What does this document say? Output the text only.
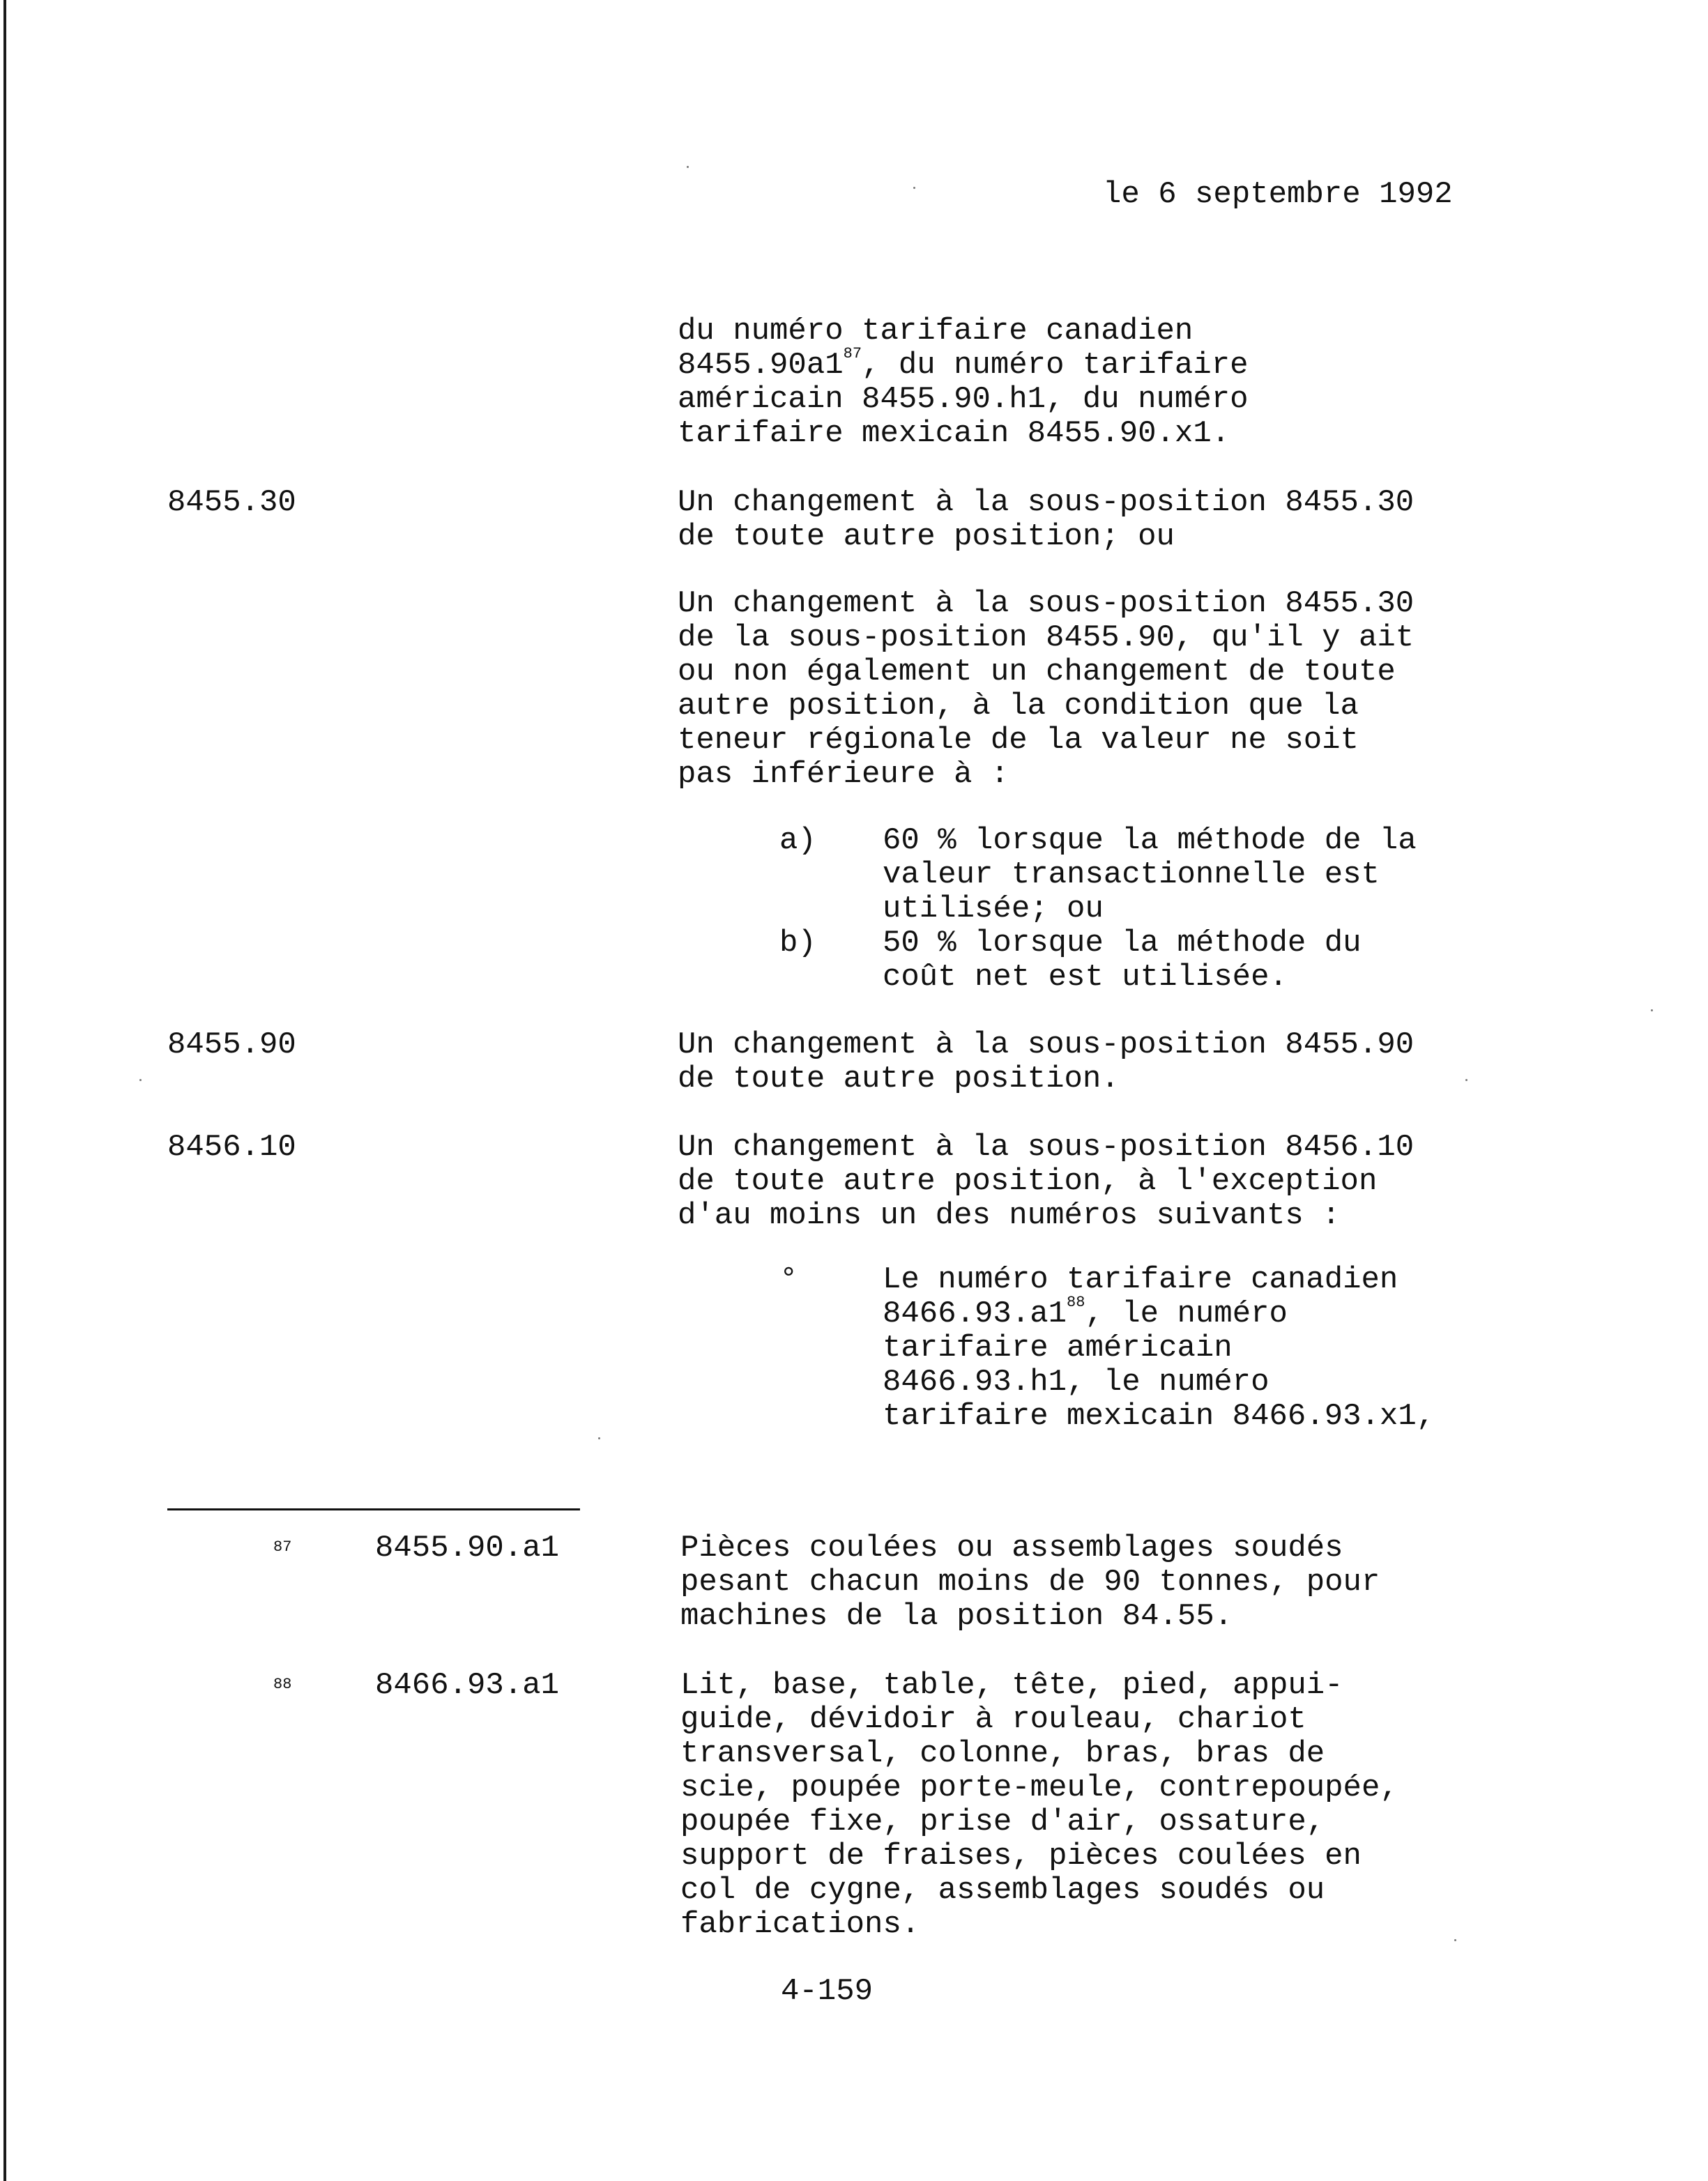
le 6 septembre 1992
du numéro tarifaire canadien
$8455.90a1^{87}$, du numéro tarifaire
américain 8455.90.h1, du numéro
tarifaire mexicain 8455.90.x1.
8455.30	Un changement à la sous-position 8455.30
de toute autre position; ou
Un changement à la sous-position 8455.30
de la sous-position 8455.90, qu'il y ait
ou non également un changement de toute
autre position, à la condition que la
teneur régionale de la valeur ne soit
pas inférieure à :
a) 60 % lorsque la méthode de la
valeur transactionnelle est
utilisée; ou
b) 50 % lorsque la méthode du
coût net est utilisée.
8455.90	Un changement à la sous-position 8455.90
de toute autre position.
8456.10	Un changement à la sous-position 8456.10
de toute autre position, à l'exception
d'au moins un des numéros suivants :
°	Le numéro tarifaire canadien
$8466.93.a1^{88}$, le numéro
tarifaire américain
8466.93.h1, le numéro
tarifaire mexicain 8466.93.x1,
87	8455.90.a1	Pièces coulées ou assemblages soudés
pesant chacun moins de 90 tonnes, pour
machines de la position 84.55.
88	8466.93.a1	Lit, base, table, tête, pied, appui-
guide, dévidoir à rouleau, chariot
transversal, colonne, bras, bras de
scie, poupée porte-meule, contrepoupée,
poupée fixe, prise d'air, ossature,
support de fraises, pièces coulées en
col de cygne, assemblages soudés ou
fabrications.
4-159
